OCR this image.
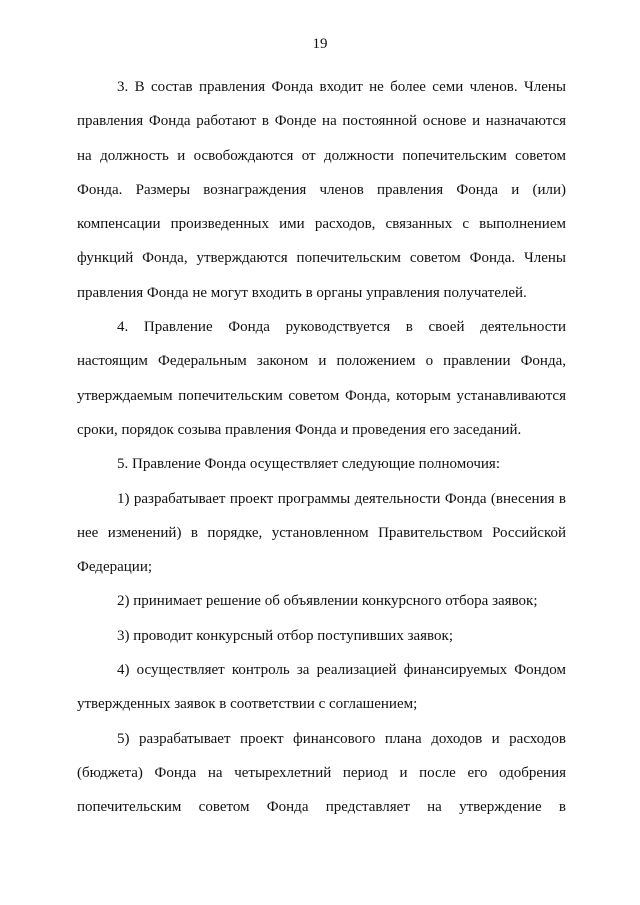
19

3. В состав правления Фонда входит не более семи членов. Члены правления Фонда работают в Фонде на постоянной основе и назначаются на должность и освобождаются от должности попечительским советом Фонда. Размеры вознаграждения членов правления Фонда и (или) компенсации произведенных ими расходов, связанных с выполнением функций Фонда, утверждаются попечительским советом Фонда. Члены правления Фонда не могут входить в органы управления получателей.

4. Правление Фонда руководствуется в своей деятельности настоящим Федеральным законом и положением о правлении Фонда, утверждаемым попечительским советом Фонда, которым устанавливаются сроки, порядок созыва правления Фонда и проведения его заседаний.

5. Правление Фонда осуществляет следующие полномочия:

1) разрабатывает проект программы деятельности Фонда (внесения в нее изменений) в порядке, установленном Правительством Российской Федерации;

2) принимает решение об объявлении конкурсного отбора заявок;

3) проводит конкурсный отбор поступивших заявок;

4) осуществляет контроль за реализацией финансируемых Фондом утвержденных заявок в соответствии с соглашением;

5) разрабатывает проект финансового плана доходов и расходов (бюджета) Фонда на четырехлетний период и после его одобрения попечительским советом Фонда представляет на утверждение в
